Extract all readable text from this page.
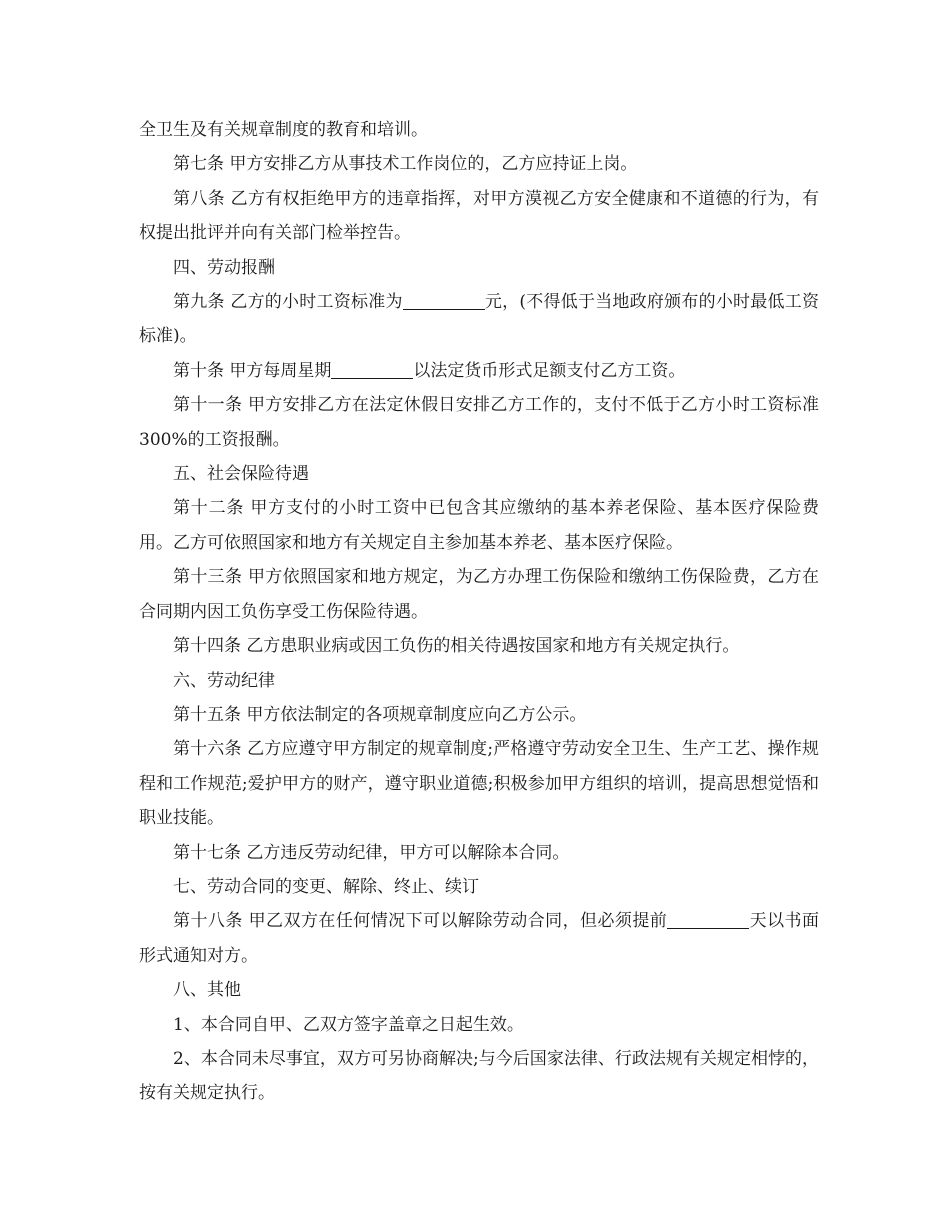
全卫生及有关规章制度的教育和培训。

第七条 甲方安排乙方从事技术工作岗位的，乙方应持证上岗。

第八条 乙方有权拒绝甲方的违章指挥，对甲方漠视乙方安全健康和不道德的行为，有权提出批评并向有关部门检举控告。

四、劳动报酬

第九条 乙方的小时工资标准为	元，(不得低于当地政府颁布的小时最低工资标准)。

第十条 甲方每周星期	以法定货币形式足额支付乙方工资。

第十一条 甲方安排乙方在法定休假日安排乙方工作的，支付不低于乙方小时工资标准 300%的工资报酬。

五、社会保险待遇

第十二条 甲方支付的小时工资中已包含其应缴纳的基本养老保险、基本医疗保险费用。乙方可依照国家和地方有关规定自主参加基本养老、基本医疗保险。

第十三条 甲方依照国家和地方规定，为乙方办理工伤保险和缴纳工伤保险费，乙方在合同期内因工负伤享受工伤保险待遇。

第十四条 乙方患职业病或因工负伤的相关待遇按国家和地方有关规定执行。

六、劳动纪律

第十五条 甲方依法制定的各项规章制度应向乙方公示。

第十六条 乙方应遵守甲方制定的规章制度;严格遵守劳动安全卫生、生产工艺、操作规程和工作规范;爱护甲方的财产，遵守职业道德;积极参加甲方组织的培训，提高思想觉悟和职业技能。

第十七条 乙方违反劳动纪律，甲方可以解除本合同。

七、劳动合同的变更、解除、终止、续订

第十八条 甲乙双方在任何情况下可以解除劳动合同，但必须提前	天以书面形式通知对方。

八、其他

1、本合同自甲、乙双方签字盖章之日起生效。

2、本合同未尽事宜，双方可另协商解决;与今后国家法律、行政法规有关规定相悖的，按有关规定执行。
